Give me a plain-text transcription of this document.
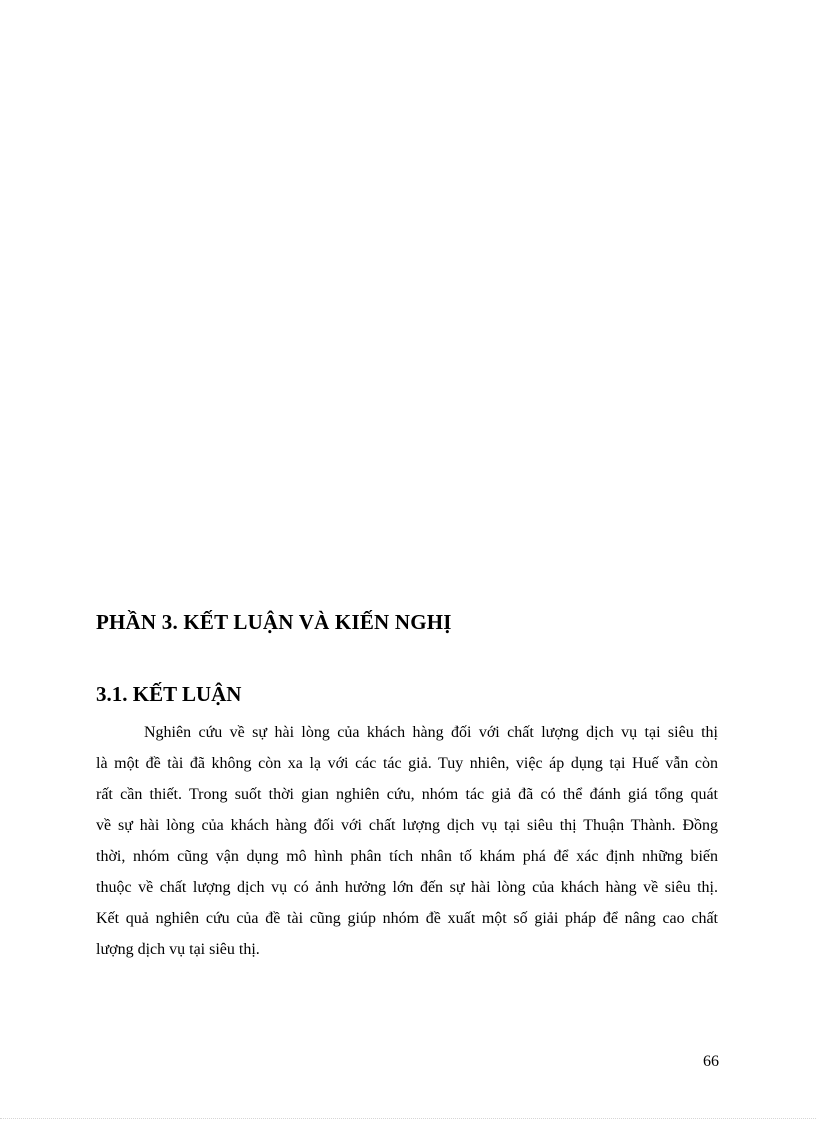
PHẦN 3. KẾT LUẬN VÀ KIẾN NGHỊ
3.1. KẾT LUẬN
Nghiên cứu về sự hài lòng của khách hàng đối với chất lượng dịch vụ tại siêu thị
là một đề tài đã không còn xa lạ với các tác giả. Tuy nhiên, việc áp dụng tại Huế vẫn còn
rất cần thiết. Trong suốt thời gian nghiên cứu, nhóm tác giả đã có thể đánh giá tổng quát
về sự hài lòng của khách hàng đối với chất lượng dịch vụ tại siêu thị Thuận Thành. Đồng
thời, nhóm cũng vận dụng mô hình phân tích nhân tố khám phá để xác định những biến
thuộc về chất lượng dịch vụ có ảnh hưởng lớn đến sự hài lòng của khách hàng về siêu thị.
Kết quả nghiên cứu của đề tài cũng giúp nhóm đề xuất một số giải pháp để nâng cao chất
lượng dịch vụ tại siêu thị.
66
